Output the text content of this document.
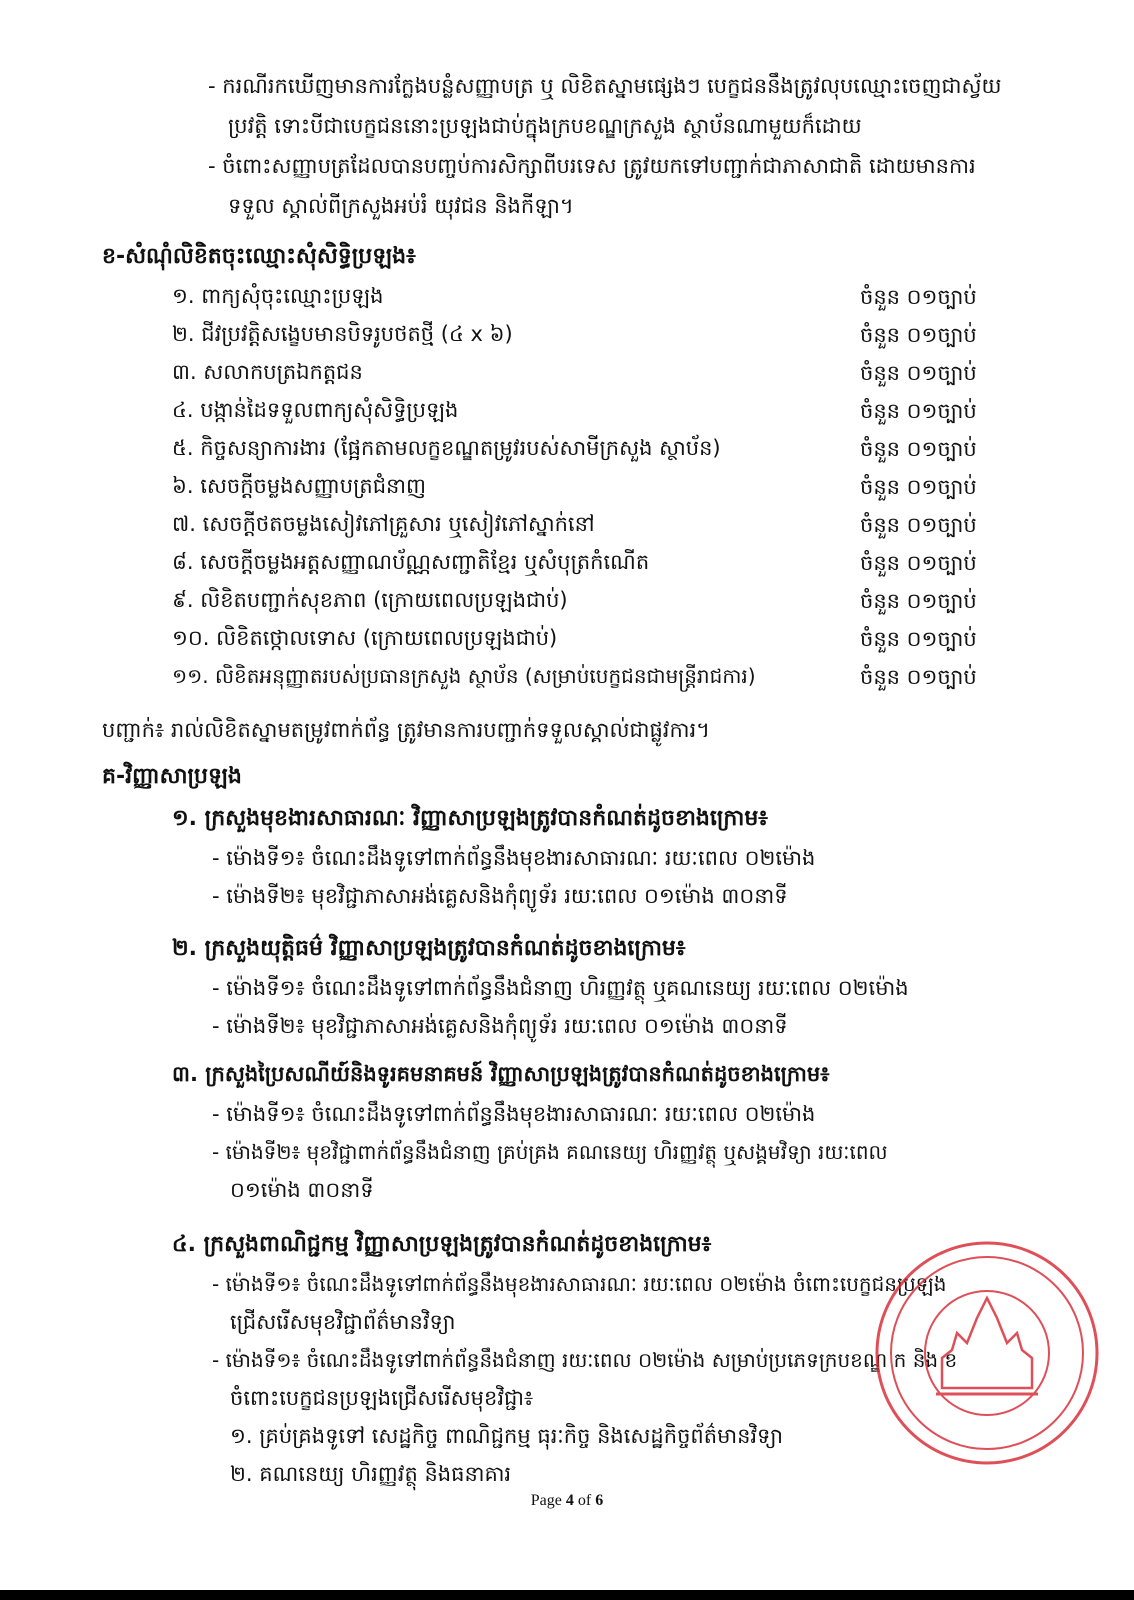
- ករណីរកឃើញមានការក្លែងបន្លំសញ្ញាបត្រ ឬ លិខិតស្នាមផ្សេងៗ បេក្ខជននឹងត្រូវលុបឈ្មោះចេញជាស្វ័យ
ប្រវត្តិ ទោះបីជាបេក្ខជននោះប្រឡងជាប់ក្នុងក្របខណ្ឌក្រសួង ស្ថាប័នណាមួយក៏ដោយ
- ចំពោះសញ្ញាបត្រដែលបានបញ្ចប់ការសិក្សាពីបរទេស ត្រូវយកទៅបញ្ជាក់ជាភាសាជាតិ ដោយមានការ
ទទួល ស្គាល់ពីក្រសួងអប់រំ យុវជន និងកីឡា។
ខ-សំណុំលិខិតចុះឈ្មោះសុំសិទ្ធិប្រឡង៖
១. ពាក្យសុំចុះឈ្មោះប្រឡង	ចំនួន ០១ច្បាប់
២. ជីវប្រវត្តិសង្ខេបមានបិទរូបថតថ្មី (៤ x ៦)	ចំនួន ០១ច្បាប់
៣. សលាកបត្រឯកត្តជន	ចំនួន ០១ច្បាប់
៤. បង្កាន់ដៃទទួលពាក្យសុំសិទ្ធិប្រឡង	ចំនួន ០១ច្បាប់
៥. កិច្ចសន្យាការងារ (ផ្អែកតាមលក្ខខណ្ឌតម្រូវរបស់សាមីក្រសួង ស្ថាប័ន)	ចំនួន ០១ច្បាប់
៦. សេចក្តីចម្លងសញ្ញាបត្រជំនាញ	ចំនួន ០១ច្បាប់
៧. សេចក្តីថតចម្លងសៀវភៅគ្រួសារ ឬសៀវភៅស្នាក់នៅ	ចំនួន ០១ច្បាប់
៨. សេចក្តីចម្លងអត្តសញ្ញាណប័ណ្ណសញ្ជាតិខ្មែរ ឬសំបុត្រកំណើត	ចំនួន ០១ច្បាប់
៩. លិខិតបញ្ជាក់សុខភាព (ក្រោយពេលប្រឡងជាប់)	ចំនួន ០១ច្បាប់
១០. លិខិតថ្កោលទោស (ក្រោយពេលប្រឡងជាប់)	ចំនួន ០១ច្បាប់
១១. លិខិតអនុញ្ញាតរបស់ប្រធានក្រសួង ស្ថាប័ន (សម្រាប់បេក្ខជនជាមន្ត្រីរាជការ)	ចំនួន ០១ច្បាប់
បញ្ជាក់៖ រាល់លិខិតស្នាមតម្រូវពាក់ព័ន្ធ ត្រូវមានការបញ្ជាក់ទទួលស្គាល់ជាផ្លូវការ។
គ-វិញ្ញាសាប្រឡង
១. ក្រសួងមុខងារសាធារណៈ វិញ្ញាសាប្រឡងត្រូវបានកំណត់ដូចខាងក្រោម៖
- ម៉ោងទី១៖ ចំណេះដឹងទូទៅពាក់ព័ន្ធនឹងមុខងារសាធារណៈ រយៈពេល ០២ម៉ោង
- ម៉ោងទី២៖ មុខវិជ្ជាភាសាអង់គ្លេសនិងកុំព្យូទ័រ រយៈពេល ០១ម៉ោង ៣០នាទី
២. ក្រសួងយុត្តិធម៌ វិញ្ញាសាប្រឡងត្រូវបានកំណត់ដូចខាងក្រោម៖
- ម៉ោងទី១៖ ចំណេះដឹងទូទៅពាក់ព័ន្ធនឹងជំនាញ ហិរញ្ញវត្ថុ ឬគណនេយ្យ រយៈពេល ០២ម៉ោង
- ម៉ោងទី២៖ មុខវិជ្ជាភាសាអង់គ្លេសនិងកុំព្យូទ័រ រយៈពេល ០១ម៉ោង ៣០នាទី
៣. ក្រសួងប្រៃសណីយ៍និងទូរគមនាគមន៍ វិញ្ញាសាប្រឡងត្រូវបានកំណត់ដូចខាងក្រោម៖
- ម៉ោងទី១៖ ចំណេះដឹងទូទៅពាក់ព័ន្ធនឹងមុខងារសាធារណៈ រយៈពេល ០២ម៉ោង
- ម៉ោងទី២៖ មុខវិជ្ជាពាក់ព័ន្ធនឹងជំនាញ គ្រប់គ្រង គណនេយ្យ ហិរញ្ញវត្ថុ ឬសង្គមវិទ្យា រយៈពេល
០១ម៉ោង ៣០នាទី
៤. ក្រសួងពាណិជ្ជកម្ម វិញ្ញាសាប្រឡងត្រូវបានកំណត់ដូចខាងក្រោម៖
- ម៉ោងទី១៖ ចំណេះដឹងទូទៅពាក់ព័ន្ធនឹងមុខងារសាធារណៈ រយៈពេល ០២ម៉ោង ចំពោះបេក្ខជនប្រឡង
ជ្រើសរើសមុខវិជ្ជាព័ត៌មានវិទ្យា
- ម៉ោងទី១៖ ចំណេះដឹងទូទៅពាក់ព័ន្ធនឹងជំនាញ រយៈពេល ០២ម៉ោង សម្រាប់ប្រភេទក្របខណ្ឌ ក និង ខ
ចំពោះបេក្ខជនប្រឡងជ្រើសរើសមុខវិជ្ជា៖
១. គ្រប់គ្រងទូទៅ សេដ្ឋកិច្ច ពាណិជ្ជកម្ម ធុរៈកិច្ច និងសេដ្ឋកិច្ចព័ត៌មានវិទ្យា
២. គណនេយ្យ ហិរញ្ញវត្ថុ និងធនាគារ
Page 4 of 6
